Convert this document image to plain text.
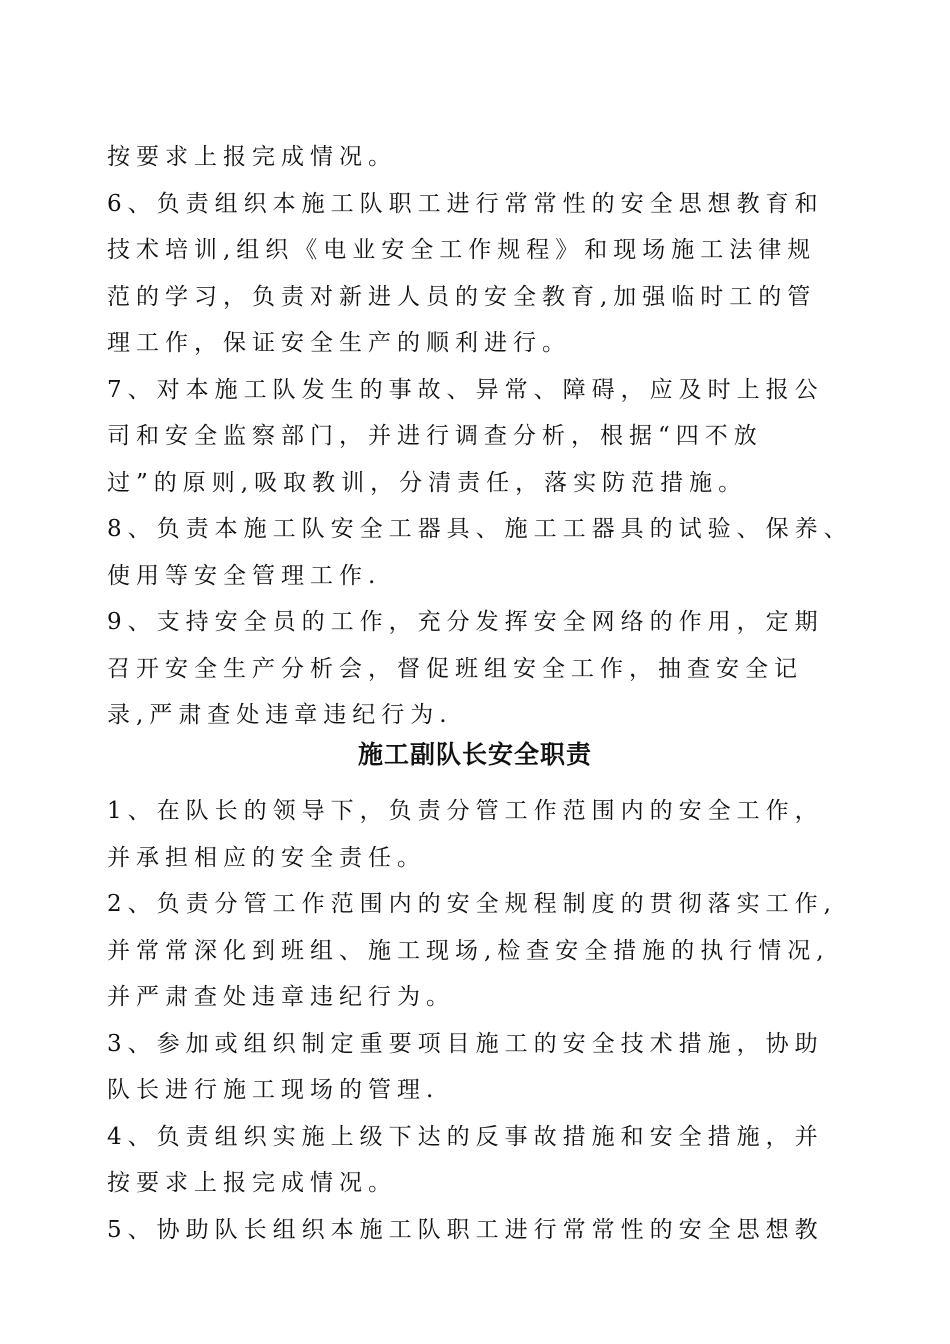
按要求上报完成情况。
6、负责组织本施工队职工进行常常性的安全思想教育和
技术培训,组织《电业安全工作规程》和现场施工法律规
范的学习，负责对新进人员的安全教育,加强临时工的管
理工作，保证安全生产的顺利进行。
7、对本施工队发生的事故、异常、障碍，应及时上报公
司和安全监察部门，并进行调查分析，根据“四不放
过”的原则,吸取教训，分清责任，落实防范措施。
8、负责本施工队安全工器具、施工工器具的试验、保养、
使用等安全管理工作.
9、支持安全员的工作，充分发挥安全网络的作用，定期
召开安全生产分析会，督促班组安全工作，抽查安全记
录,严肃查处违章违纪行为.
施工副队长安全职责
1、在队长的领导下，负责分管工作范围内的安全工作，
并承担相应的安全责任。
2、负责分管工作范围内的安全规程制度的贯彻落实工作,
并常常深化到班组、施工现场,检查安全措施的执行情况,
并严肃查处违章违纪行为。
3、参加或组织制定重要项目施工的安全技术措施，协助
队长进行施工现场的管理.
4、负责组织实施上级下达的反事故措施和安全措施，并
按要求上报完成情况。
5、协助队长组织本施工队职工进行常常性的安全思想教
